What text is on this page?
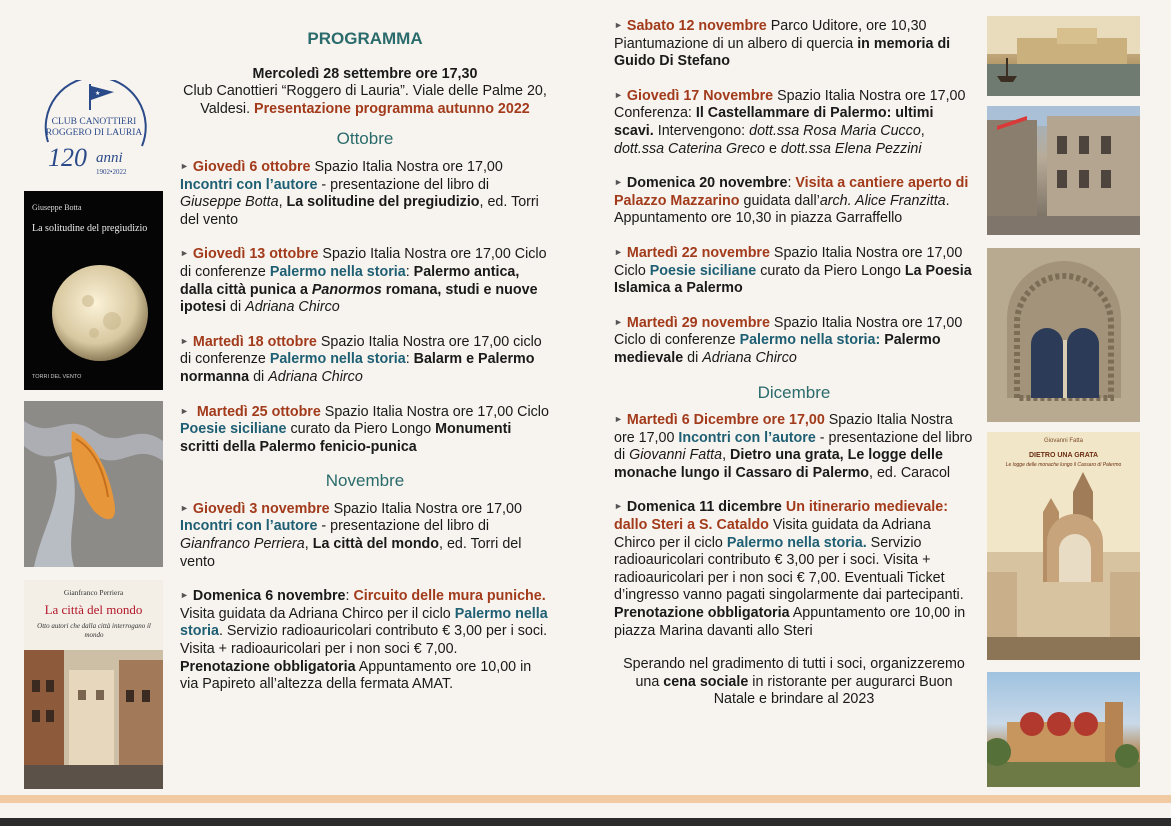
★
CLUB CANOTTIERI
ROGGERO DI LAURIA
120 anni
1902•2022
Giuseppe Botta
La solitudine del pregiudizio
TORRI DEL VENTO
Gianfranco Perriera
La città del mondo
Otto autori che dalla città interrogano il mondo
PROGRAMMA
Mercoledì 28 settembre ore 17,30
Club Canottieri “Roggero di Lauria”. Viale delle Palme 20, Valdesi. Presentazione programma autunno 2022
Ottobre
► Giovedì 6 ottobre Spazio Italia Nostra ore 17,00 Incontri con l’autore - presentazione del libro di Giuseppe Botta, La solitudine del pregiudizio, ed. Torri del vento
► Giovedì 13 ottobre Spazio Italia Nostra ore 17,00 Ciclo di conferenze Palermo nella storia: Palermo antica, dalla città punica a Panormos romana, studi e nuove ipotesi di Adriana Chirco
► Martedì 18 ottobre Spazio Italia Nostra ore 17,00 ciclo di conferenze Palermo nella storia: Balarm e Palermo normanna di Adriana Chirco
► Martedì 25 ottobre Spazio Italia Nostra ore 17,00 Ciclo Poesie siciliane curato da Piero Longo Monumenti scritti della Palermo fenicio-punica
Novembre
► Giovedì 3 novembre Spazio Italia Nostra ore 17,00 Incontri con l’autore - presentazione del libro di Gianfranco Perriera, La città del mondo, ed. Torri del vento
► Domenica 6 novembre: Circuito delle mura puniche. Visita guidata da Adriana Chirco per il ciclo Palermo nella storia. Servizio radioauricolari contributo € 3,00 per i soci. Visita + radioauricolari per i non soci € 7,00. Prenotazione obbligatoria Appuntamento ore 10,00 in via Papireto all’altezza della fermata AMAT.
► Sabato 12 novembre Parco Uditore, ore 10,30 Piantumazione di un albero di quercia in memoria di Guido Di Stefano
► Giovedì 17 Novembre Spazio Italia Nostra ore 17,00 Conferenza: Il Castellammare di Palermo: ultimi scavi. Intervengono: dott.ssa Rosa Maria Cucco, dott.ssa Caterina Greco e dott.ssa Elena Pezzini
► Domenica 20 novembre: Visita a cantiere aperto di Palazzo Mazzarino guidata dall’arch. Alice Franzitta. Appuntamento ore 10,30 in piazza Garraffello
► Martedì 22 novembre Spazio Italia Nostra ore 17,00 Ciclo Poesie siciliane curato da Piero Longo La Poesia Islamica a Palermo
► Martedì 29 novembre Spazio Italia Nostra ore 17,00 Ciclo di conferenze Palermo nella storia: Palermo medievale di Adriana Chirco
Dicembre
► Martedì 6 Dicembre ore 17,00 Spazio Italia Nostra ore 17,00 Incontri con l’autore - presentazione del libro di Giovanni Fatta, Dietro una grata, Le logge delle monache lungo il Cassaro di Palermo, ed. Caracol
► Domenica 11 dicembre Un itinerario medievale: dallo Steri a S. Cataldo Visita guidata da Adriana Chirco per il ciclo Palermo nella storia. Servizio radioauricolari contributo € 3,00 per i soci. Visita + radioauricolari per i non soci € 7,00. Eventuali Ticket d’ingresso vanno pagati singolarmente dai partecipanti. Prenotazione obbligatoria Appuntamento ore 10,00 in piazza Marina davanti allo Steri
Sperando nel gradimento di tutti i soci, organizzeremo una cena sociale in ristorante per augurarci Buon Natale e brindare al 2023
Giovanni Fatta
DIETRO UNA GRATA
Le logge delle monache lungo il Cassaro di Palermo
